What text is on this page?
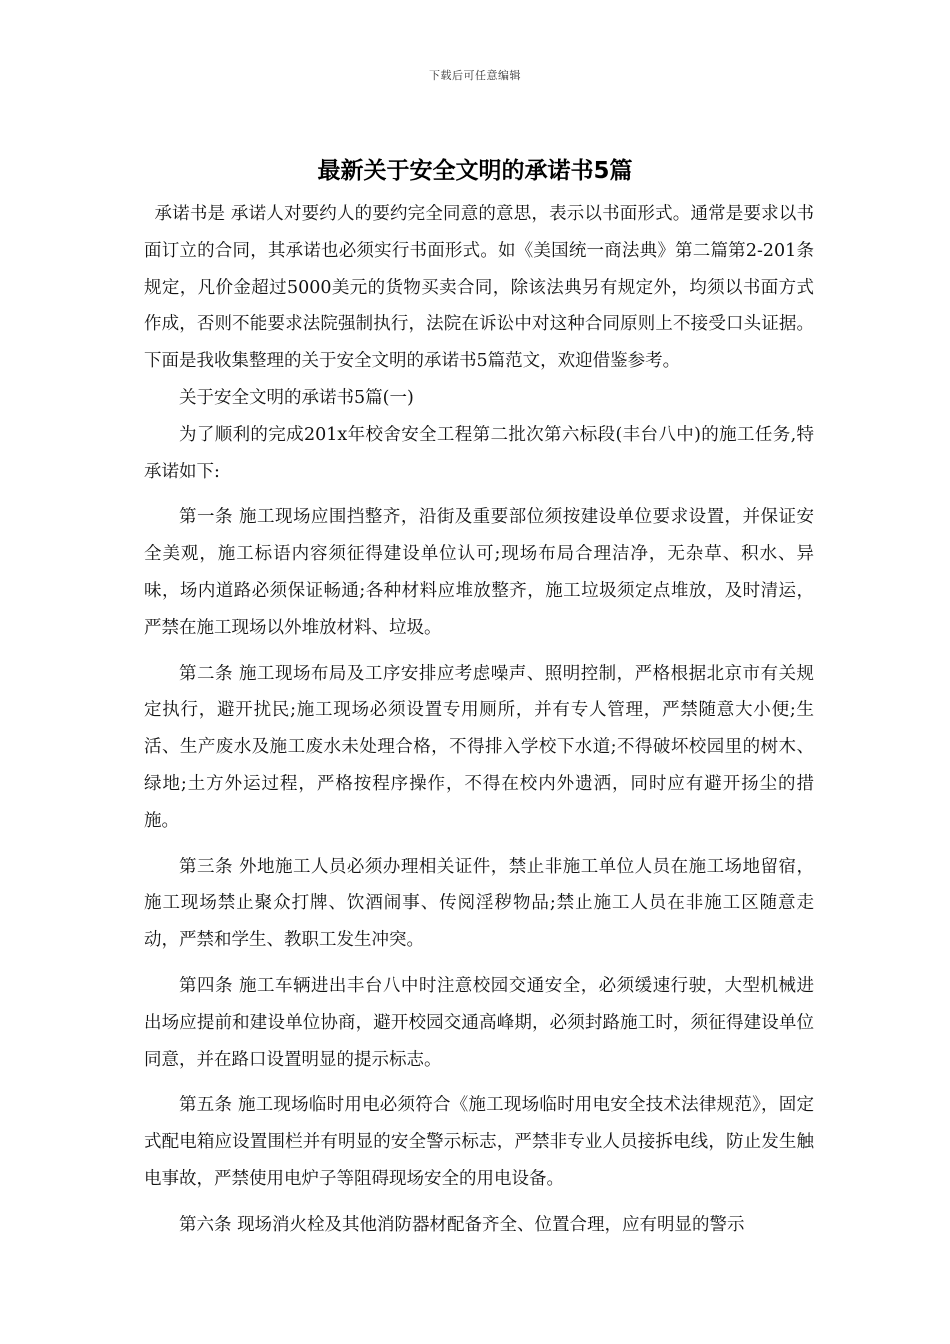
下载后可任意编辑
最新关于安全文明的承诺书5篇

承诺书是 承诺人对要约人的要约完全同意的意思，表示以书面形式。通常是要求以书面订立的合同，其承诺也必须实行书面形式。如《美国统一商法典》第二篇第2-201条规定，凡价金超过5000美元的货物买卖合同，除该法典另有规定外，均须以书面方式作成，否则不能要求法院强制执行，法院在诉讼中对这种合同原则上不接受口头证据。下面是我收集整理的关于安全文明的承诺书5篇范文，欢迎借鉴参考。

关于安全文明的承诺书5篇(一)

为了顺利的完成201x年校舍安全工程第二批次第六标段(丰台八中)的施工任务,特承诺如下:

第一条 施工现场应围挡整齐，沿街及重要部位须按建设单位要求设置，并保证安全美观，施工标语内容须征得建设单位认可;现场布局合理洁净，无杂草、积水、异味，场内道路必须保证畅通;各种材料应堆放整齐，施工垃圾须定点堆放，及时清运，严禁在施工现场以外堆放材料、垃圾。

第二条 施工现场布局及工序安排应考虑噪声、照明控制，严格根据北京市有关规定执行，避开扰民;施工现场必须设置专用厕所，并有专人管理，严禁随意大小便;生活、生产废水及施工废水未处理合格，不得排入学校下水道;不得破坏校园里的树木、绿地;土方外运过程，严格按程序操作，不得在校内外遗洒，同时应有避开扬尘的措施。

第三条 外地施工人员必须办理相关证件，禁止非施工单位人员在施工场地留宿，施工现场禁止聚众打牌、饮酒闹事、传阅淫秽物品;禁止施工人员在非施工区随意走动，严禁和学生、教职工发生冲突。

第四条 施工车辆进出丰台八中时注意校园交通安全，必须缓速行驶，大型机械进出场应提前和建设单位协商，避开校园交通高峰期，必须封路施工时，须征得建设单位同意，并在路口设置明显的提示标志。

第五条 施工现场临时用电必须符合《施工现场临时用电安全技术法律规范》，固定式配电箱应设置围栏并有明显的安全警示标志，严禁非专业人员接拆电线，防止发生触电事故，严禁使用电炉子等阻碍现场安全的用电设备。

第六条 现场消火栓及其他消防器材配备齐全、位置合理，应有明显的警示
